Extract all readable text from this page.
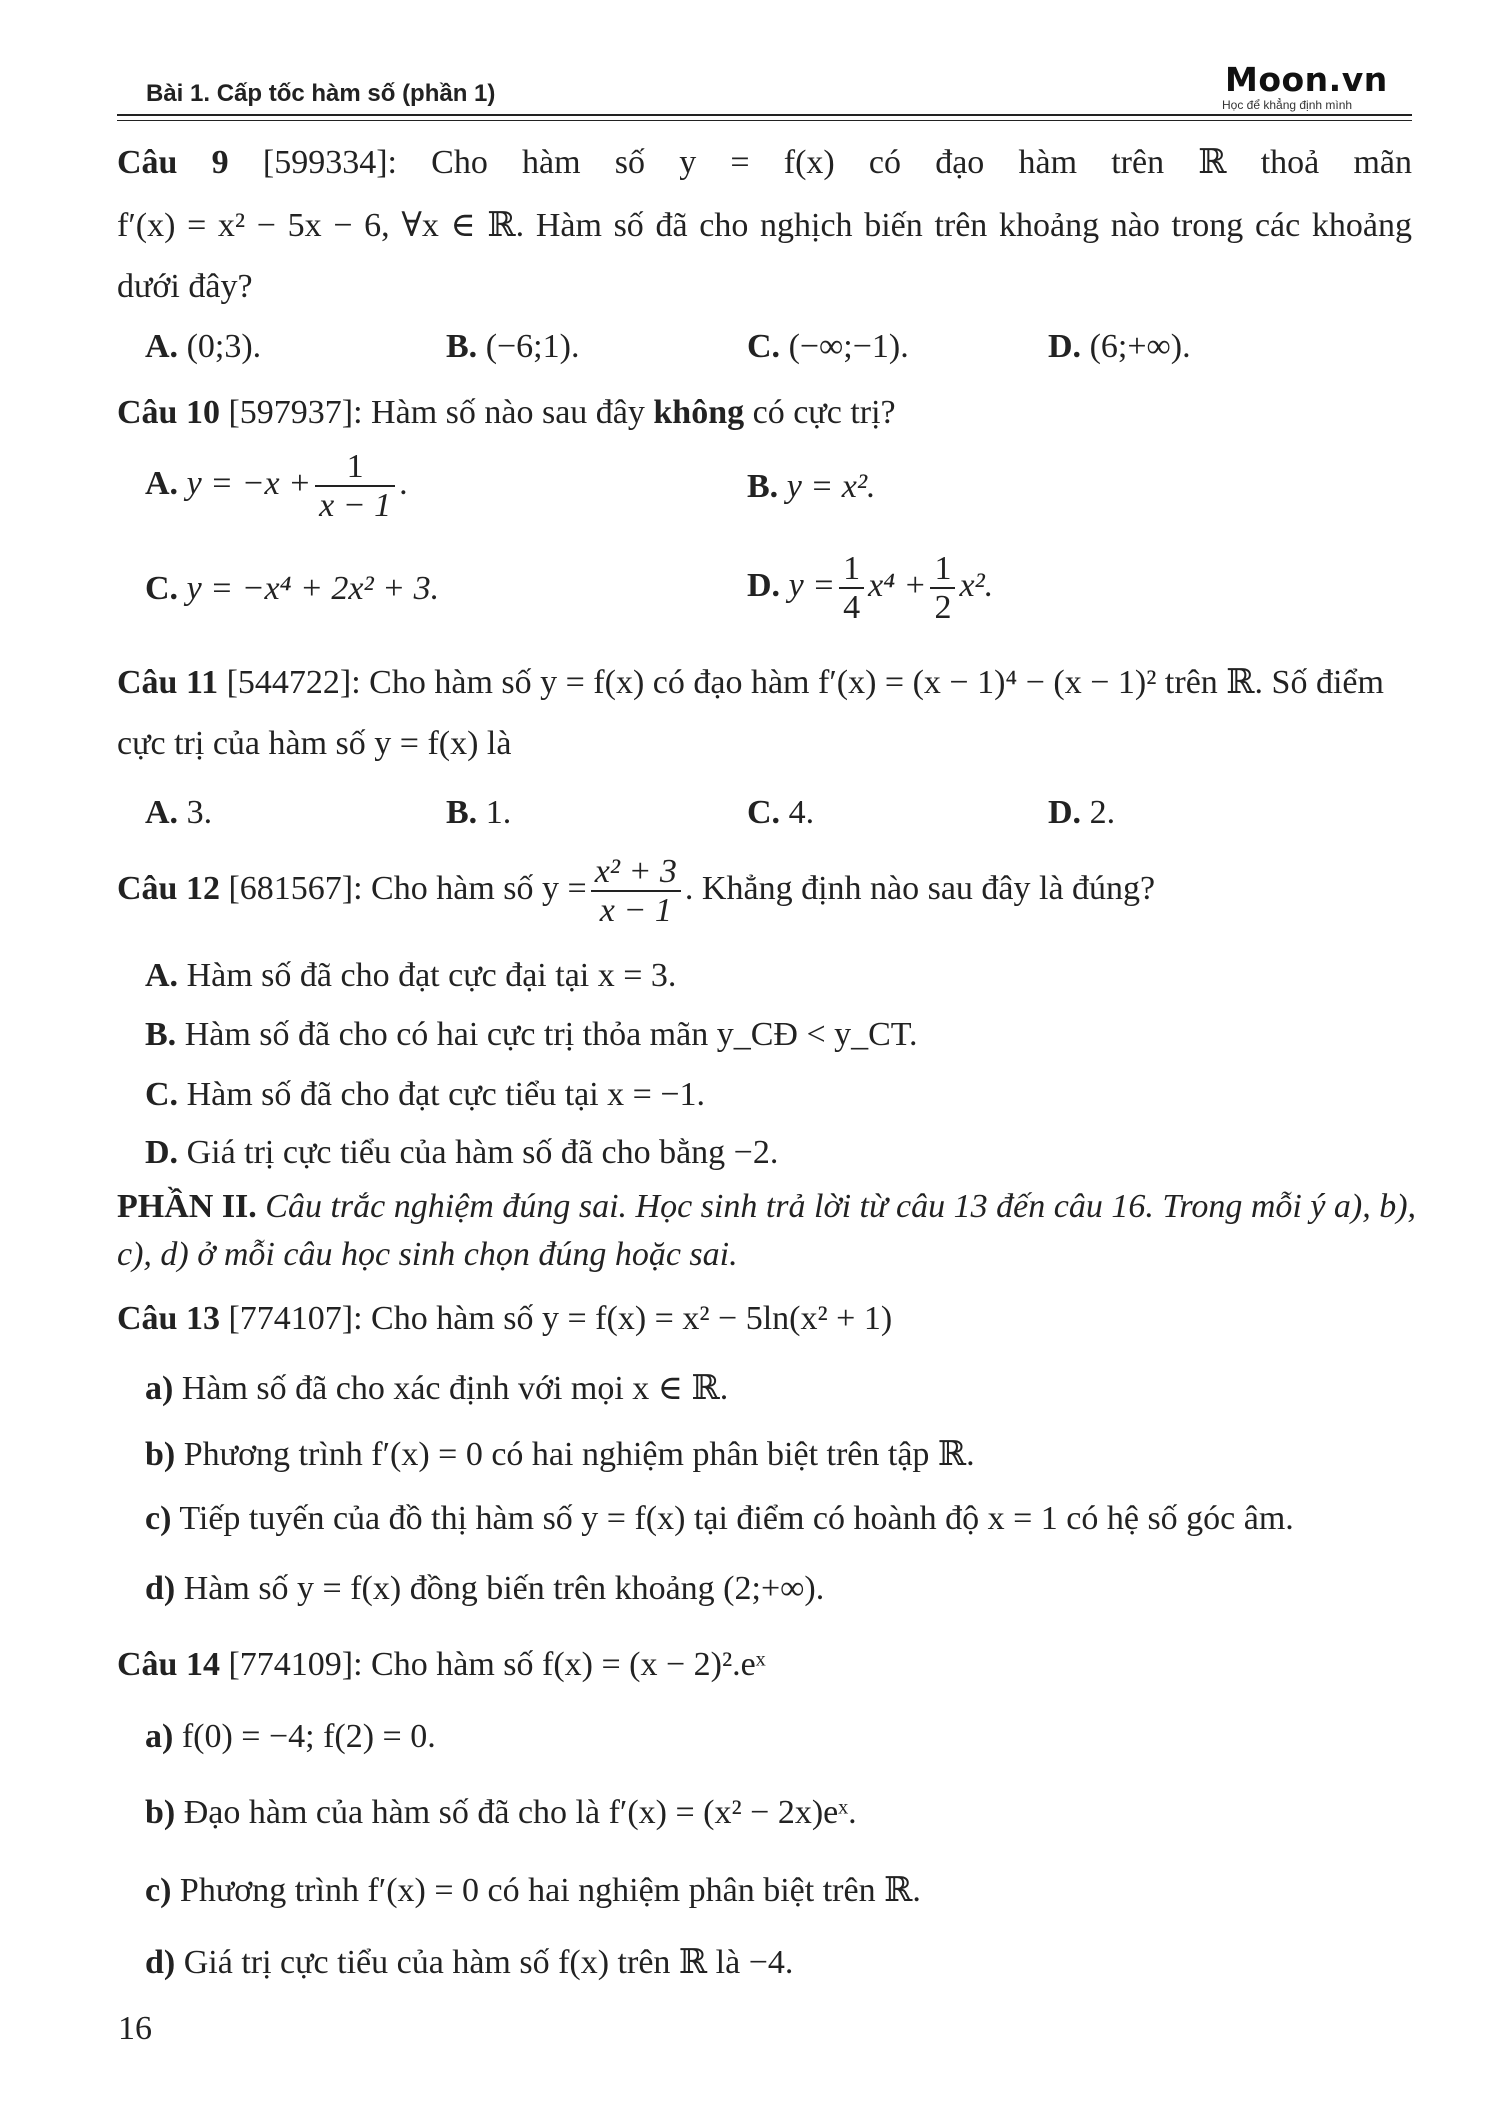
Bài 1. Cấp tốc hàm số (phần 1)	Moon.vn
Học để khẳng định mình
Câu 9 [599334]: Cho hàm số y = f(x) có đạo hàm trên ℝ thoả mãn
f′(x) = x² − 5x − 6, ∀x ∈ ℝ. Hàm số đã cho nghịch biến trên khoảng nào trong các khoảng
dưới đây?
A. (0;3).	B. (−6;1).	C. (−∞;−1).	D. (6;+∞).
Câu 10 [597937]: Hàm số nào sau đây không có cực trị?
A. $y = -x + \frac{1}{x - 1}$ .	B. y = x².
C. y = −x⁴ + 2x² + 3.	D. $y = \frac{1}{4} x^4 + \frac{1}{2} x^2$.
Câu 11 [544722]: Cho hàm số y = f(x) có đạo hàm f′(x) = (x − 1)⁴ − (x − 1)² trên ℝ. Số điểm
cực trị của hàm số y = f(x) là
A. 3.	B. 1.	C. 4.	D. 2.
Câu 12 [681567]: Cho hàm số $y = \frac{\text{x² + 3}}{x - 1}$ . Khẳng định nào sau đây là đúng?
A. Hàm số đã cho đạt cực đại tại x = 3.
B. Hàm số đã cho có hai cực trị thỏa mãn y_CĐ < y_CT.
C. Hàm số đã cho đạt cực tiểu tại x = −1.
D. Giá trị cực tiểu của hàm số đã cho bằng −2.
PHẦN II. Câu trắc nghiệm đúng sai. Học sinh trả lời từ câu 13 đến câu 16. Trong mỗi ý a), b),
c), d) ở mỗi câu học sinh chọn đúng hoặc sai.
Câu 13 [774107]: Cho hàm số y = f(x) = x² − 5ln(x² + 1)
a) Hàm số đã cho xác định với mọi x ∈ ℝ.
b) Phương trình f′(x) = 0 có hai nghiệm phân biệt trên tập ℝ.
c) Tiếp tuyến của đồ thị hàm số y = f(x) tại điểm có hoành độ x = 1 có hệ số góc âm.
d) Hàm số y = f(x) đồng biến trên khoảng (2;+∞).
Câu 14 [774109]: Cho hàm số f(x) = (x − 2)².eˣ
a) f(0) = −4; f(2) = 0.
b) Đạo hàm của hàm số đã cho là f′(x) = (x² − 2x)eˣ.
c) Phương trình f′(x) = 0 có hai nghiệm phân biệt trên ℝ.
d) Giá trị cực tiểu của hàm số f(x) trên ℝ là −4.
16
